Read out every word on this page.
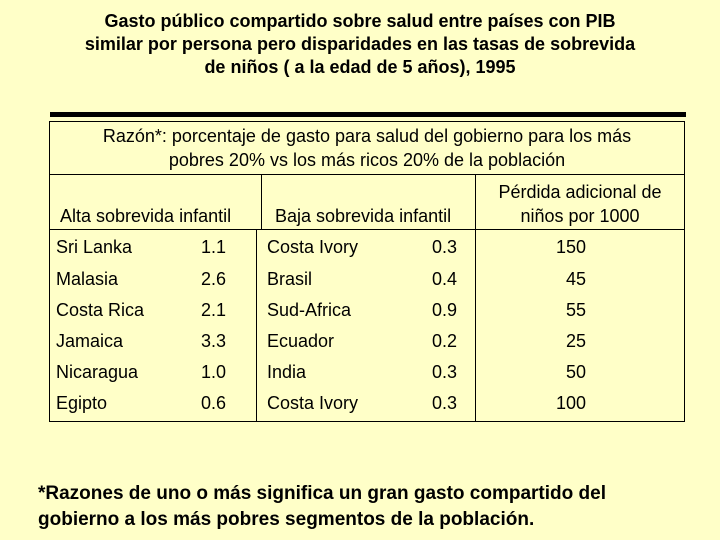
Gasto público compartido sobre salud entre países con PIB
similar por persona pero disparidades en las tasas de sobrevida
de niños ( a la edad de 5 años), 1995
Razón*: porcentaje de gasto para salud del gobierno para los más
pobres 20% vs los más ricos 20% de la población
Alta sobrevida infantil Baja sobrevida infantil
Pérdida adicional de
niños por 1000
Sri Lanka	1.1 Costa Ivory	0.3	150
Malasia	2.6 Brasil	0.4	45
Costa Rica	2.1 Sud-Africa	0.9	55
Jamaica	3.3 Ecuador	0.2	25
Nicaragua	1.0 India	0.3	50
Egipto	0.6 Costa Ivory	0.3	100
*Razones de uno o más significa un gran gasto compartido del
gobierno a los más pobres segmentos de la población.
